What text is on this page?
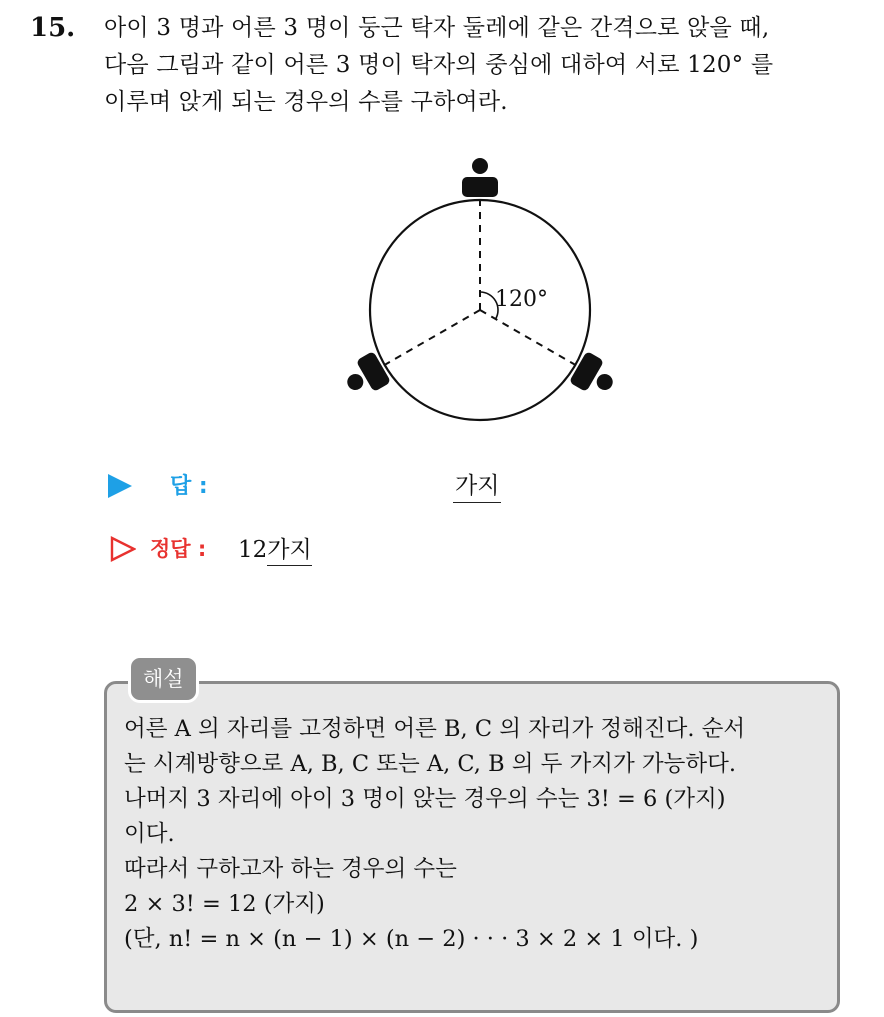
15. 아이 3 명과 어른 3 명이 둥근 탁자 둘레에 같은 간격으로 앉을 때,
다음 그림과 같이 어른 3 명이 탁자의 중심에 대하여 서로 120° 를
이루며 앉게 되는 경우의 수를 구하여라.
120°
답 :	가지
정답 : 12가지
해설
어른 A 의 자리를 고정하면 어른 B, C 의 자리가 정해진다. 순서
는 시계방향으로 A, B, C 또는 A, C, B 의 두 가지가 가능하다.
나머지 3 자리에 아이 3 명이 앉는 경우의 수는 3! = 6 (가지)
이다.
따라서 구하고자 하는 경우의 수는
2 × 3! = 12 (가지)
(단, n! = n × (n − 1) × (n − 2) · · · 3 × 2 × 1 이다. )
